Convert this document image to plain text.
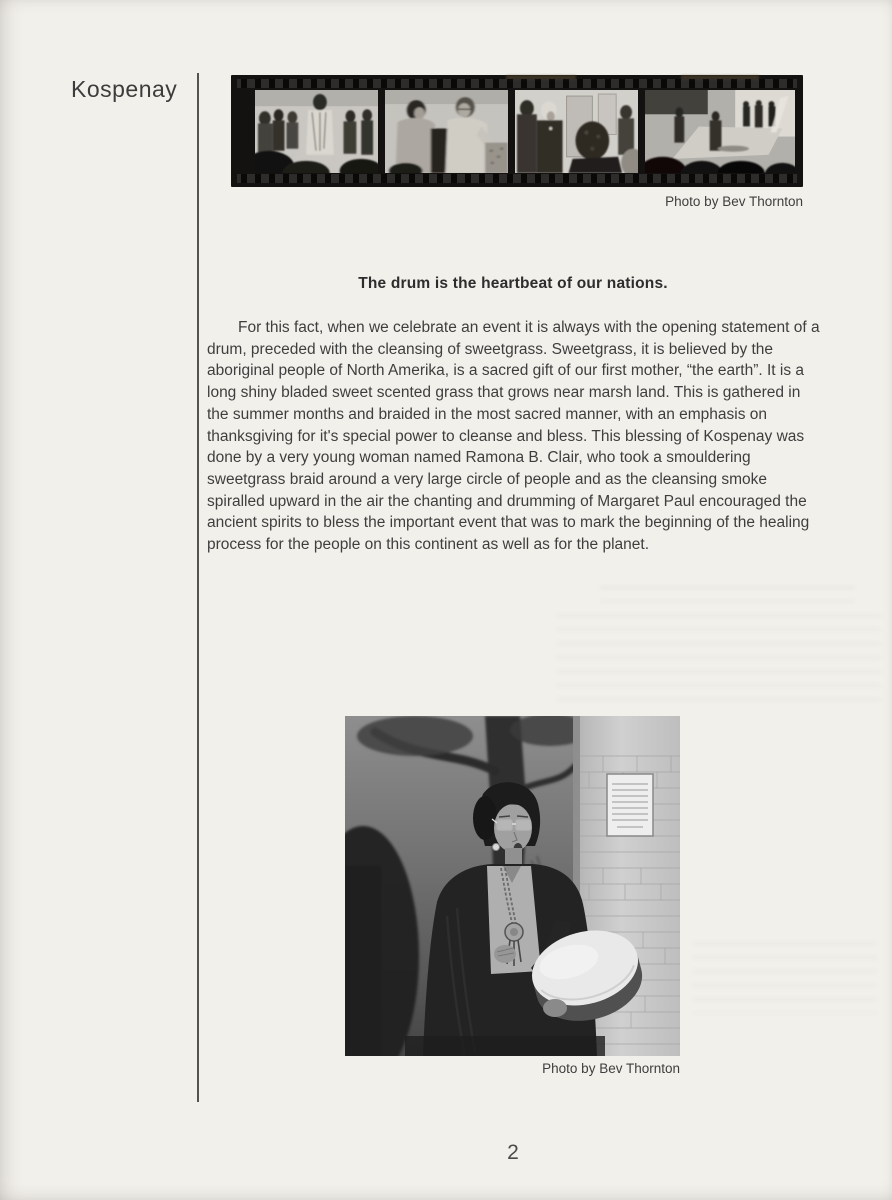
Kospenay
Photo by Bev Thornton
The drum is the heartbeat of our nations.
For this fact, when we celebrate an event it is always with the opening statement of a drum, preceded with the cleansing of sweetgrass. Sweetgrass, it is believed by the aboriginal people of North Amerika, is a sacred gift of our first mother, “the earth”. It is a long shiny bladed sweet scented grass that grows near marsh land. This is gathered in the summer months and braided in the most sacred manner, with an emphasis on thanksgiving for it's special power to cleanse and bless. This blessing of Kospenay was done by a very young woman named Ramona B. Clair, who took a smouldering sweetgrass braid around a very large circle of people and as the cleansing smoke spiralled upward in the air the chanting and drumming of Margaret Paul encouraged the ancient spirits to bless the important event that was to mark the beginning of the healing process for the people on this continent as well as for the planet.
Photo by Bev Thornton
2
